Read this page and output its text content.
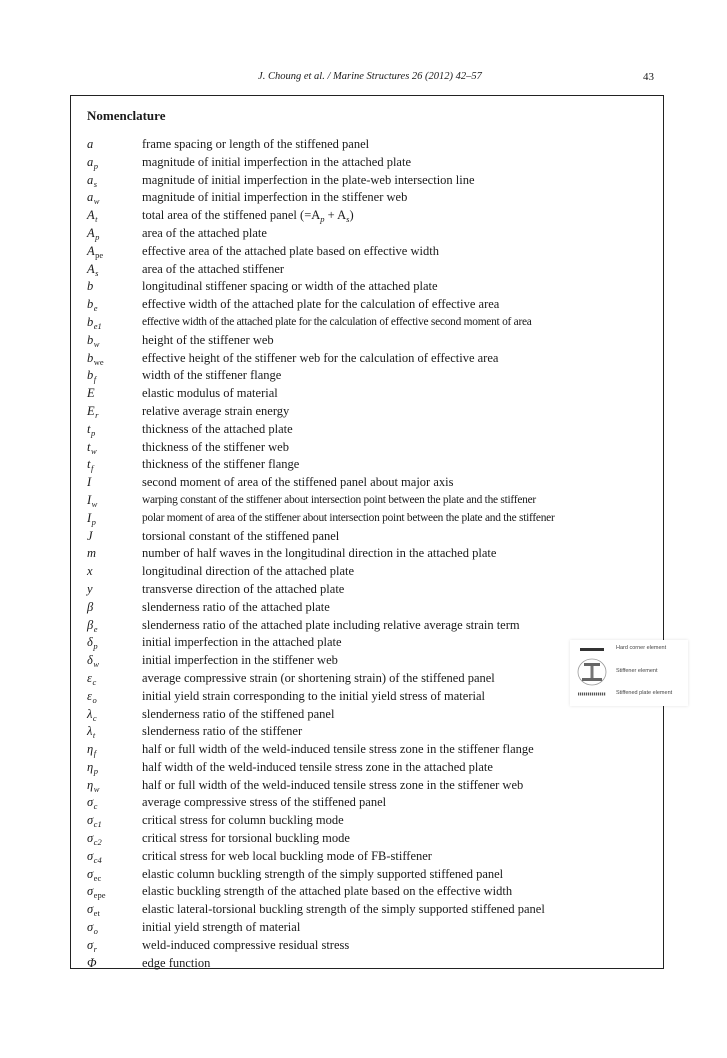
J. Choung et al. / Marine Structures 26 (2012) 42–57	43
Nomenclature
a	frame spacing or length of the stiffened panel
$a_p$	magnitude of initial imperfection in the attached plate
$a_s$	magnitude of initial imperfection in the plate-web intersection line
$a_w$	magnitude of initial imperfection in the stiffener web
$A_t$	total area of the stiffened panel $(=A_p + A_s)$
$A_p$	area of the attached plate
$A_{pe}$	effective area of the attached plate based on effective width
$A_s$	area of the attached stiffener
b	longitudinal stiffener spacing or width of the attached plate
$b_e$	effective width of the attached plate for the calculation of effective area
$b_{e1}$	effective width of the attached plate for the calculation of effective second moment of area
$b_w$	height of the stiffener web
$b_{we}$	effective height of the stiffener web for the calculation of effective area
$b_f$	width of the stiffener flange
E	elastic modulus of material
$E_r$	relative average strain energy
$t_p$	thickness of the attached plate
$t_w$	thickness of the stiffener web
$t_f$	thickness of the stiffener flange
I	second moment of area of the stiffened panel about major axis
$I_w$	warping constant of the stiffener about intersection point between the plate and the stiffener
$I_p$	polar moment of area of the stiffener about intersection point between the plate and the stiffener
J	torsional constant of the stiffened panel
m	number of half waves in the longitudinal direction in the attached plate
x	longitudinal direction of the attached plate
y	transverse direction of the attached plate
β	slenderness ratio of the attached plate
$\beta_e$	slenderness ratio of the attached plate including relative average strain term
$\delta_p$	initial imperfection in the attached plate
$\delta_w$	initial imperfection in the stiffener web
$\varepsilon_c$	average compressive strain (or shortening strain) of the stiffened panel
$\varepsilon_o$	initial yield strain corresponding to the initial yield stress of material
$\lambda_c$	slenderness ratio of the stiffened panel
$\lambda_t$	slenderness ratio of the stiffener
$\eta_f$	half or full width of the weld-induced tensile stress zone in the stiffener flange
$\eta_p$	half width of the weld-induced tensile stress zone in the attached plate
$\eta_w$	half or full width of the weld-induced tensile stress zone in the stiffener web
$\sigma_c$	average compressive stress of the stiffened panel
$\sigma_{c1}$	critical stress for column buckling mode
$\sigma_{c2}$	critical stress for torsional buckling mode
$\sigma_{c4}$	critical stress for web local buckling mode of FB-stiffener
$\sigma_{ec}$	elastic column buckling strength of the simply supported stiffened panel
$\sigma_{epe}$	elastic buckling strength of the attached plate based on the effective width
$\sigma_{et}$	elastic lateral-torsional buckling strength of the simply supported stiffened panel
$\sigma_o$	initial yield strength of material
$\sigma_r$	weld-induced compressive residual stress
Φ	edge function
Hard corner element
Stiffener element
Stiffened plate element
